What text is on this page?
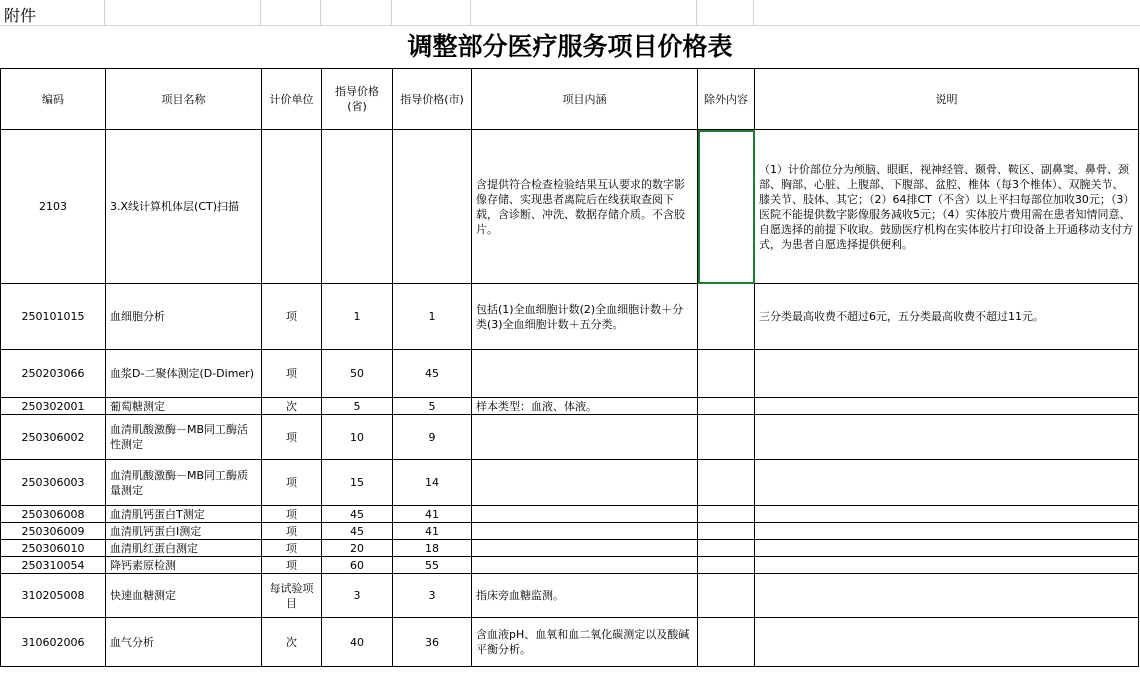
附件
调整部分医疗服务项目价格表
编码	项目名称	计价单位	指导价格(省)	指导价格(市)	项目内涵	除外内容	说明
2103	3.X线计算机体层(CT)扫描				含提供符合检查检验结果互认要求的数字影像存储、实现患者离院后在线获取查阅下载，含诊断、冲洗、数据存储介质。不含胶片。		（1）计价部位分为颅脑、眼眶、视神经管、颞骨、鞍区、副鼻窦、鼻骨、颈部、胸部、心脏、上腹部、下腹部、盆腔、椎体（每3个椎体）、双腕关节、膝关节、肢体、其它；（2）64排CT（不含）以上平扫每部位加收30元；（3）医院不能提供数字影像服务减收5元；（4）实体胶片费用需在患者知情同意、自愿选择的前提下收取。鼓励医疗机构在实体胶片打印设备上开通移动支付方式，为患者自愿选择提供便利。
250101015	血细胞分析	项	1	1	包括(1)全血细胞计数(2)全血细胞计数＋分类(3)全血细胞计数＋五分类。		三分类最高收费不超过6元，五分类最高收费不超过11元。
250203066	血浆D-二聚体测定(D-Dimer)	项	50	45			
250302001	葡萄糖测定	次	5	5	样本类型：血液、体液。		
250306002	血清肌酸激酶－MB同工酶活性测定	项	10	9			
250306003	血清肌酸激酶－MB同工酶质量测定	项	15	14			
250306008	血清肌钙蛋白T测定	项	45	41			
250306009	血清肌钙蛋白Ⅰ测定	项	45	41			
250306010	血清肌红蛋白测定	项	20	18			
250310054	降钙素原检测	项	60	55			
310205008	快速血糖测定	每试验项目	3	3	指床旁血糖监测。		
310602006	血气分析	次	40	36	含血液pH、血氧和血二氧化碳测定以及酸碱平衡分析。		
